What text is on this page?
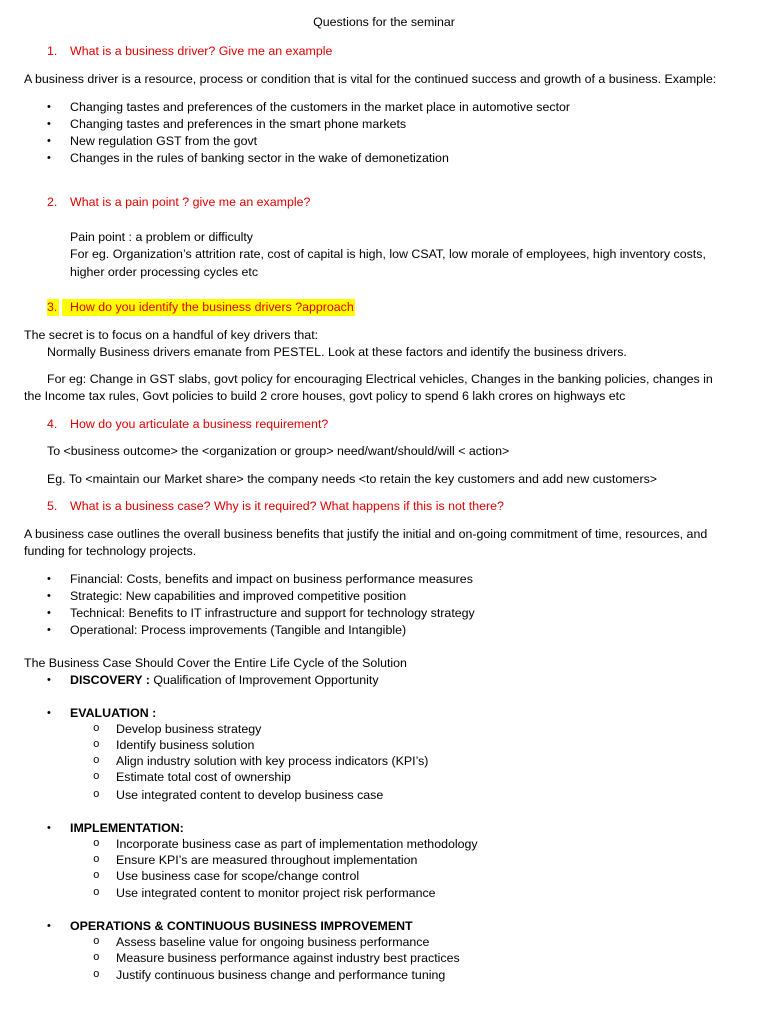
Questions for the seminar
1. What is a business driver? Give me an example
A business driver is a resource, process or condition that is vital for the continued success and growth of a business. Example:
• Changing tastes and preferences of the customers in the market place in automotive sector
• Changing tastes and preferences in the smart phone markets
• New regulation GST from the govt
• Changes in the rules of banking sector in the wake of demonetization
2. What is a pain point ? give me an example?
Pain point : a problem or difficulty
For eg. Organization’s attrition rate, cost of capital is high, low CSAT, low morale of employees, high inventory costs,
higher order processing cycles etc
3.	How do you identify the business drivers ?approach
The secret is to focus on a handful of key drivers that:
Normally Business drivers emanate from PESTEL. Look at these factors and identify the business drivers.
For eg: Change in GST slabs, govt policy for encouraging Electrical vehicles, Changes in the banking policies, changes in
the Income tax rules, Govt policies to build 2 crore houses, govt policy to spend 6 lakh crores on highways etc
4. How do you articulate a business requirement?
To <business outcome> the <organization or group> need/want/should/will < action>
Eg. To <maintain our Market share> the company needs <to retain the key customers and add new customers>
5. What is a business case? Why is it required? What happens if this is not there?
A business case outlines the overall business benefits that justify the initial and on-going commitment of time, resources, and
funding for technology projects.
• Financial: Costs, benefits and impact on business performance measures
• Strategic: New capabilities and improved competitive position
• Technical: Benefits to IT infrastructure and support for technology strategy
• Operational: Process improvements (Tangible and Intangible)
The Business Case Should Cover the Entire Life Cycle of the Solution
• DISCOVERY : Qualification of Improvement Opportunity
• EVALUATION :
o Develop business strategy
o Identify business solution
o Align industry solution with key process indicators (KPI’s)
o Estimate total cost of ownership
o Use integrated content to develop business case
• IMPLEMENTATION:
o Incorporate business case as part of implementation methodology
o Ensure KPI’s are measured throughout implementation
o Use business case for scope/change control
o Use integrated content to monitor project risk performance
• OPERATIONS & CONTINUOUS BUSINESS IMPROVEMENT
o Assess baseline value for ongoing business performance
o Measure business performance against industry best practices
o Justify continuous business change and performance tuning
